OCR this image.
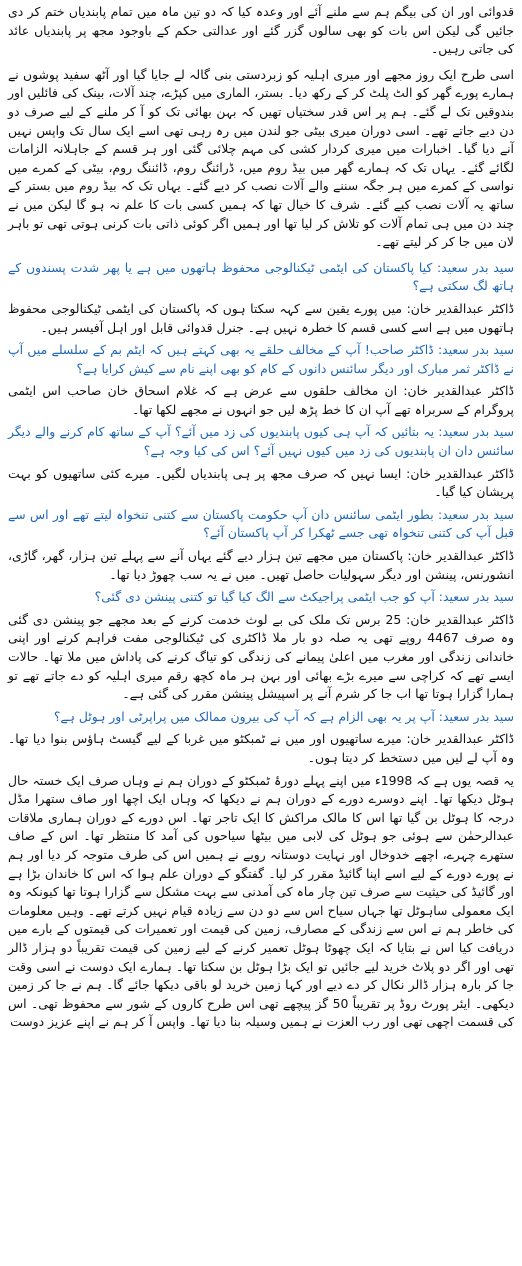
قدوائی اور ان کی بیگم ہم سے ملنے آئے اور وعدہ کیا کہ دو تین ماہ میں تمام پابندیاں ختم کر دی جائیں گی لیکن اس بات کو بھی سالوں گزر گئے اور عدالتی حکم کے باوجود مجھ پر پابندیاں عائد کی جاتی رہیں۔

اسی طرح ایک روز مجھے اور میری اہلیہ کو زبردستی بنی گالہ لے جایا گیا اور آٹھ سفید پوشوں نے ہمارے پورے گھر کو الٹ پلٹ کر کے رکھ دیا۔ بستر، الماری میں کپڑے، چند آلات، بینک کی فائلیں اور بندوقیں تک لے گئے۔ ہم پر اس قدر سختیاں تھیں کہ بہن بھائی تک کو آ کر ملنے کے لیے صرف دو دن دیے جاتے تھے۔ اسی دوران میری بیٹی جو لندن میں رہ رہی تھی اسے ایک سال تک واپس نہیں آنے دیا گیا۔ اخبارات میں میری کردار کشی کی مہم چلائی گئی اور ہر قسم کے جاہلانہ الزامات لگائے گئے۔ یہاں تک کہ ہمارے گھر میں بیڈ روم میں، ڈرائنگ روم، ڈائننگ روم، بیٹی کے کمرے میں نواسی کے کمرے میں ہر جگہ سننے والے آلات نصب کر دیے گئے۔ یہاں تک کہ بیڈ روم میں بستر کے ساتھ یہ آلات نصب کیے گئے۔ شرف کا خیال تھا کہ ہمیں کسی بات کا علم نہ ہو گا لیکن میں نے چند دن میں ہی تمام آلات کو تلاش کر لیا تھا اور ہمیں اگر کوئی ذاتی بات کرنی ہوتی تھی تو باہر لان میں جا کر کر لیتے تھے۔

سید بدر سعید: کیا پاکستان کی ایٹمی ٹیکنالوجی محفوظ ہاتھوں میں ہے یا پھر شدت پسندوں کے ہاتھ لگ سکتی ہے؟

ڈاکٹر عبدالقدیر خان: میں پورے یقین سے کہہ سکتا ہوں کہ پاکستان کی ایٹمی ٹیکنالوجی محفوظ ہاتھوں میں ہے اسے کسی قسم کا خطرہ نہیں ہے۔ جنرل قدوائی قابل اور اہل آفیسر ہیں۔

سید بدر سعید: ڈاکٹر صاحب! آپ کے مخالف حلقے یہ بھی کہتے ہیں کہ ایٹم بم کے سلسلے میں آپ نے ڈاکٹر ثمر مبارک اور دیگر سائنس دانوں کے کام کو بھی اپنے نام سے کیش کرایا ہے؟

ڈاکٹر عبدالقدیر خان: ان مخالف حلقوں سے عرض ہے کہ غلام اسحاق خان صاحب اس ایٹمی پروگرام کے سربراہ تھے آپ ان کا خط پڑھ لیں جو انہوں نے مجھے لکھا تھا۔

سید بدر سعید: یہ بتائیں کہ آپ ہی کیوں پابندیوں کی زد میں آئے؟ آپ کے ساتھ کام کرنے والے دیگر سائنس دان ان پابندیوں کی زد میں کیوں نہیں آئے؟ اس کی کیا وجہ ہے؟

ڈاکٹر عبدالقدیر خان: ایسا نہیں کہ صرف مجھ پر ہی پابندیاں لگیں۔ میرے کئی ساتھیوں کو بہت پریشان کیا گیا۔

سید بدر سعید: بطور ایٹمی سائنس دان آپ حکومت پاکستان سے کتنی تنخواہ لیتے تھے اور اس سے قبل آپ کی کتنی تنخواہ تھی جسے ٹھکرا کر آپ پاکستان آئے؟

ڈاکٹر عبدالقدیر خان: پاکستان میں مجھے تین ہزار دیے گئے یہاں آنے سے پہلے تین ہزار، گھر، گاڑی، انشورنس، پینشن اور دیگر سہولیات حاصل تھیں۔ میں نے یہ سب چھوڑ دیا تھا۔

سید بدر سعید: آپ کو جب ایٹمی پراجیکٹ سے الگ کیا گیا تو کتنی پینشن دی گئی؟

ڈاکٹر عبدالقدیر خان: 25 برس تک ملک کی بے لوث خدمت کرنے کے بعد مجھے جو پینشن دی گئی وہ صرف 4467 روپے تھی یہ صلہ دو بار ملا ڈاکٹری کی ٹیکنالوجی مفت فراہم کرنے اور اپنی خاندانی زندگی اور مغرب میں اعلیٰ پیمانے کی زندگی کو تیاگ کرنے کی پاداش میں ملا تھا۔ حالات ایسے تھے کہ کراچی سے میرے بڑے بھائی اور بہن ہر ماہ کچھ رقم میری اہلیہ کو دے جاتے تھے تو ہمارا گزارا ہوتا تھا اب جا کر شرم آنے پر اسپیشل پینشن مقرر کی گئی ہے۔

سید بدر سعید: آپ پر یہ بھی الزام ہے کہ آپ کی بیرون ممالک میں پراپرٹی اور ہوٹل ہے؟

ڈاکٹر عبدالقدیر خان: میرے ساتھیوں اور میں نے ٹمبکٹو میں غربا کے لیے گیسٹ ہاؤس بنوا دیا تھا۔ وہ آپ لے لیں میں دستخط کر دیتا ہوں۔

یہ قصہ یوں ہے کہ 1998ء میں اپنے پہلے دورۂ ٹمبکٹو کے دوران ہم نے وہاں صرف ایک خستہ حال ہوٹل دیکھا تھا۔ اپنے دوسرے دورے کے دوران ہم نے دیکھا کہ وہاں ایک اچھا اور صاف ستھرا مڈل درجہ کا ہوٹل بن گیا تھا اس کا مالک مراکش کا ایک تاجر تھا۔ اس دورے کے دوران ہماری ملاقات عبدالرحمٰن سے ہوئی جو ہوٹل کی لابی میں بیٹھا سیاحوں کی آمد کا منتظر تھا۔ اس کے صاف ستھرے چہرے، اچھے خدوخال اور نہایت دوستانہ رویے نے ہمیں اس کی طرف متوجہ کر دیا اور ہم نے پورے دورے کے لیے اسے اپنا گائیڈ مقرر کر لیا۔ گفتگو کے دوران علم ہوا کہ اس کا خاندان بڑا ہے اور گائیڈ کی حیثیت سے صرف تین چار ماہ کی آمدنی سے بہت مشکل سے گزارا ہوتا تھا کیونکہ وہ ایک معمولی ساہوٹل تھا جہاں سیاح اس سے دو دن سے زیادہ قیام نہیں کرتے تھے۔ وہیں معلومات کی خاطر ہم نے اس سے زندگی کے مصارف، زمین کی قیمت اور تعمیرات کی قیمتوں کے بارے میں دریافت کیا اس نے بتایا کہ ایک چھوٹا ہوٹل تعمیر کرنے کے لیے زمین کی قیمت تقریباً دو ہزار ڈالر تھی اور اگر دو پلاٹ خرید لیے جائیں تو ایک بڑا ہوٹل بن سکتا تھا۔ ہمارے ایک دوست نے اسی وقت جا کر بارہ ہزار ڈالر نکال کر دے دیے اور کہا زمین خرید لو باقی دیکھا جائے گا۔ ہم نے جا کر زمین دیکھی۔ ایئر پورٹ روڈ پر تقریباً 50 گز پیچھے تھی اس طرح کاروں کے شور سے محفوظ تھی۔ اس کی قسمت اچھی تھی اور رب العزت نے ہمیں وسیلہ بنا دیا تھا۔ واپس آ کر ہم نے اپنے عزیز دوست
